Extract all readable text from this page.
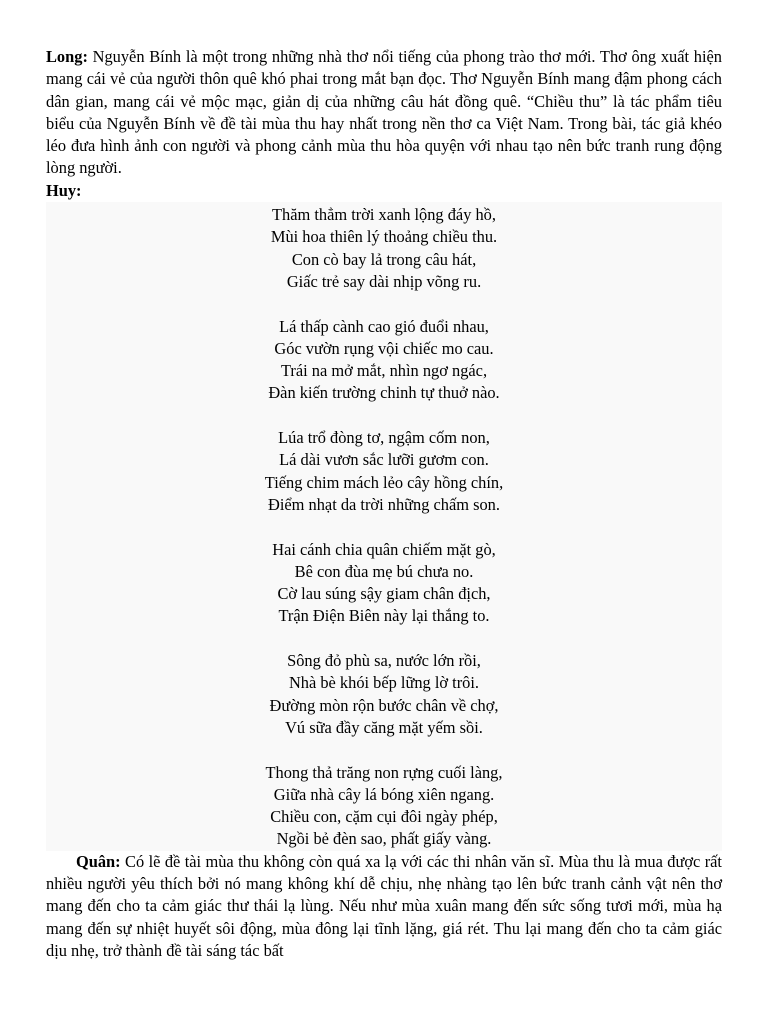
Long: Nguyễn Bính là một trong những nhà thơ nổi tiếng của phong trào thơ mới. Thơ ông xuất hiện mang cái vẻ của người thôn quê khó phai trong mắt bạn đọc. Thơ Nguyễn Bính mang đậm phong cách dân gian, mang cái vẻ mộc mạc, giản dị của những câu hát đồng quê. “Chiều thu” là tác phẩm tiêu biểu của Nguyễn Bính về đề tài mùa thu hay nhất trong nền thơ ca Việt Nam. Trong bài, tác giả khéo léo đưa hình ảnh con người và phong cảnh mùa thu hòa quyện với nhau tạo nên bức tranh rung động lòng người.

Huy:

Thăm thẳm trời xanh lộng đáy hồ,
Mùi hoa thiên lý thoảng chiều thu.
Con cò bay lả trong câu hát,
Giấc trẻ say dài nhịp võng ru.
Lá thấp cành cao gió đuổi nhau,
Góc vườn rụng vội chiếc mo cau.
Trái na mở mắt, nhìn ngơ ngác,
Đàn kiến trường chinh tự thuở nào.
Lúa trổ đòng tơ, ngậm cốm non,
Lá dài vươn sắc lưỡi gươm con.
Tiếng chim mách lẻo cây hồng chín,
Điểm nhạt da trời những chấm son.
Hai cánh chia quân chiếm mặt gò,
Bê con đùa mẹ bú chưa no.
Cờ lau súng sậy giam chân địch,
Trận Điện Biên này lại thắng to.
Sông đỏ phù sa, nước lớn rồi,
Nhà bè khói bếp lững lờ trôi.
Đường mòn rộn bước chân về chợ,
Vú sữa đầy căng mặt yếm sồi.
Thong thả trăng non rựng cuối làng,
Giữa nhà cây lá bóng xiên ngang.
Chiều con, cặm cụi đôi ngày phép,
Ngồi bẻ đèn sao, phất giấy vàng.

Quân: Có lẽ đề tài mùa thu không còn quá xa lạ với các thi nhân văn sĩ. Mùa thu là mua được rất nhiều người yêu thích bởi nó mang không khí dễ chịu, nhẹ nhàng tạo lên bức tranh cảnh vật nên thơ mang đến cho ta cảm giác thư thái lạ lùng. Nếu như mùa xuân mang đến sức sống tươi mới, mùa hạ mang đến sự nhiệt huyết sôi động, mùa đông lại tĩnh lặng, giá rét. Thu lại mang đến cho ta cảm giác dịu nhẹ, trở thành đề tài sáng tác bất
